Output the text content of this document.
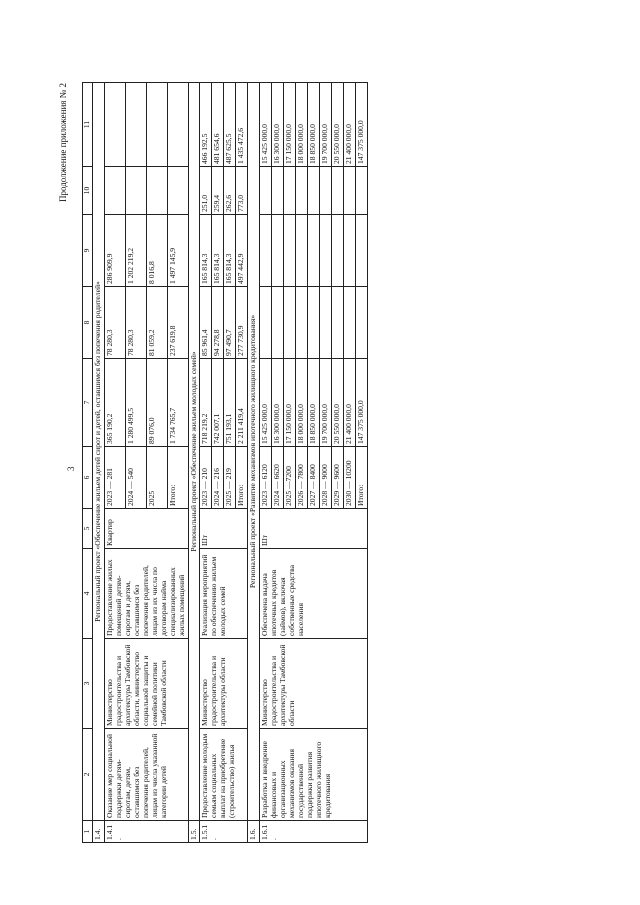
3
Продолжение приложения № 2
1	2	3	4	5	6	7	8	9	10	11
1.4.	Региональный проект «Обеспечение жильем детей сирот и детей, оставшимся без попечения родителей»									
1.4.1.	Оказание мер социальной поддержки детям-сиротам, детям, оставшимся без попечения родителей, лицам из числа указанной категории детей	Министерство градостроительства и архитектуры Тамбовской области, министерство социальной защиты и семейной политики Тамбовской области	Предоставление жилых помещений детям-сиротам и детям, оставшимся без попечения родителей, лицам из их числа по договорам найма специализированных жилых помещений	Квартир	2023 — 281	365 190,2	78 280,3	286 909,9		
					2024 — 540	1 280 499,5	78 280,3	1 202 219,2		
					2025	89 076,0	81 059,2	8 016,8		
					Итого:	1 734 765,7	237 619,8	1 497 145,9		
1.5.	Региональный проект «Обеспечение жильем молодых семей»									
1.5.1.	Предоставление молодым семьям социальных выплат на приобретение (строительство) жилья	Министерство градостроительства и архитектуры области	Реализация мероприятий по обеспечению жильем молодых семей	Шт	2023 — 210	718 219,2	85 961,4	165 814,3	251,0	466 192,5
					2024 — 216	742 007,1	94 278,8	165 814,3	259,4	481 654,6
					2025 — 219	751 193,1	97 490,7	165 814,3	262,6	487 625,5
					Итого:	2 211 419,4	277 730,9	497 442,9	773,0	1 435 472,6
1.6.	Региональный проект «Развитие механизмов ипотечного жилищного кредитования»									
1.6.1.	Разработка и внедрение финансовых и организационных механизмов оказания государственной поддержки развития ипотечного жилищного кредитования	Министерство градостроительства и архитектуры Тамбовской области	Обеспечена выдача ипотечных кредитов (займов), включая собственные средства населения	Шт	2023 — 6120	15 425 000,0				15 425 000,0
					2024 — 6620	16 300 000,0				16 300 000,0
					2025 —7200	17 150 000,0				17 150 000,0
					2026 — 7800	18 000 000,0				18 000 000,0
					2027 — 8400	18 850 000,0				18 850 000,0
					2028 — 9000	19 700 000,0				19 700 000,0
					2029 — 9600	20 550 000,0				20 550 000,0
					2030 — 10200	21 400 000,0				21 400 000,0
					Итого:	147 375 000,0				147 375 000,0
